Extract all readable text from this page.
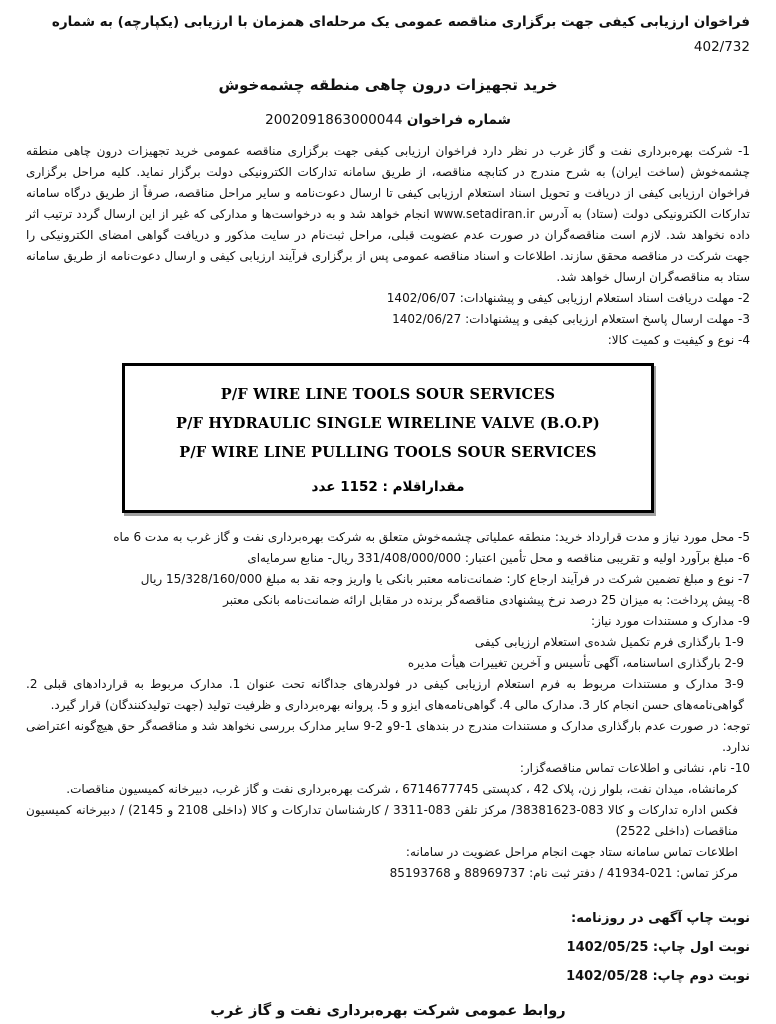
فراخوان ارزیابی کیفی جهت برگزاری مناقصه عمومی یک مرحله‌ای همزمان با ارزیابی (یکپارچه) به شماره 402/732
خرید تجهیزات درون چاهی منطقه چشمه‌خوش
شماره فراخوان 2002091863000044
1- شرکت بهره‌برداری نفت و گاز غرب در نظر دارد فراخوان ارزیابی کیفی جهت برگزاری مناقصه عمومی خرید تجهیزات درون چاهی منطقه چشمه‌خوش (ساخت ایران) به شرح مندرج در کتابچه مناقصه، از طریق سامانه تدارکات الکترونیکی دولت برگزار نماید. کلیه مراحل برگزاری فراخوان ارزیابی کیفی از دریافت و تحویل اسناد استعلام ارزیابی کیفی تا ارسال دعوت‌نامه و سایر مراحل مناقصه، صرفاً از طریق درگاه سامانه تدارکات الکترونیکی دولت (ستاد) به آدرس www.setadiran.ir انجام خواهد شد و به درخواست‌ها و مدارکی که غیر از این ارسال گردد ترتیب اثر داده نخواهد شد. لازم است مناقصه‌گران در صورت عدم عضویت قبلی، مراحل ثبت‌نام در سایت مذکور و دریافت گواهی امضای الکترونیکی را جهت شرکت در مناقصه محقق سازند. اطلاعات و اسناد مناقصه عمومی پس از برگزاری فرآیند ارزیابی کیفی و ارسال دعوت‌نامه از طریق سامانه ستاد به مناقصه‌گران ارسال خواهد شد.
2- مهلت دریافت اسناد استعلام ارزیابی کیفی و پیشنهادات: 1402/06/07
3- مهلت ارسال پاسخ استعلام ارزیابی کیفی و پیشنهادات: 1402/06/27
4- نوع و کیفیت و کمیت کالا:
P/F WIRE LINE TOOLS SOUR SERVICES
P/F HYDRAULIC SINGLE WIRELINE VALVE (B.O.P)
P/F WIRE LINE PULLING TOOLS SOUR SERVICES
مقداراقلام : 1152 عدد
5- محل مورد نیاز و مدت قرارداد خرید: منطقه عملیاتی چشمه‌خوش متعلق به شرکت بهره‌برداری نفت و گاز غرب به مدت 6 ماه
6- مبلغ برآورد اولیه و تقریبی مناقصه و محل تأمین اعتبار: 331/408/000/000 ریال- منابع سرمایه‌ای
7- نوع و مبلغ تضمین شرکت در فرآیند ارجاع کار: ضمانت‌نامه معتبر بانکی یا واریز وجه نقد به مبلغ 15/328/160/000 ریال
8- پیش پرداخت: به میزان 25 درصد نرخ پیشنهادی مناقصه‌گر برنده در مقابل ارائه ضمانت‌نامه بانکی معتبر
9- مدارک و مستندات مورد نیاز:
1-9 بارگذاری فرم تکمیل شده‌ی استعلام ارزیابی کیفی
2-9 بارگذاری اساسنامه، آگهی تأسیس و آخرین تغییرات هیأت مدیره
3-9 مدارک و مستندات مربوط به فرم استعلام ارزیابی کیفی در فولدرهای جداگانه تحت عنوان 1. مدارک مربوط به قراردادهای قبلی 2. گواهی‌نامه‌های حسن انجام کار 3. مدارک مالی 4. گواهی‌نامه‌های ایزو و 5. پروانه بهره‌برداری و ظرفیت تولید (جهت تولیدکنندگان) قرار گیرد.
توجه: در صورت عدم بارگذاری مدارک و مستندات مندرج در بندهای 1-9و 2-9 سایر مدارک بررسی نخواهد شد و مناقصه‌گر حق هیچ‌گونه اعتراضی ندارد.
10- نام، نشانی و اطلاعات تماس مناقصه‌گزار:
کرمانشاه، میدان نفت، بلوار زن، پلاک 42 ، کدپستی 6714677745 ، شرکت بهره‌برداری نفت و گاز غرب، دبیرخانه کمیسیون مناقصات.
فکس اداره تدارکات و کالا 083-38381623/ مرکز تلفن 083-3311 / کارشناسان تدارکات و کالا (داخلی 2108 و 2145) / دبیرخانه کمیسیون مناقصات (داخلی 2522)
اطلاعات تماس سامانه ستاد جهت انجام مراحل عضویت در سامانه:
مرکز تماس: 021-41934 / دفتر ثبت نام: 88969737 و 85193768
نوبت چاپ آگهی در روزنامه:
نوبت اول چاپ: 1402/05/25
نوبت دوم چاپ: 1402/05/28
روابط عمومی شرکت بهره‌برداری نفت و گاز غرب
